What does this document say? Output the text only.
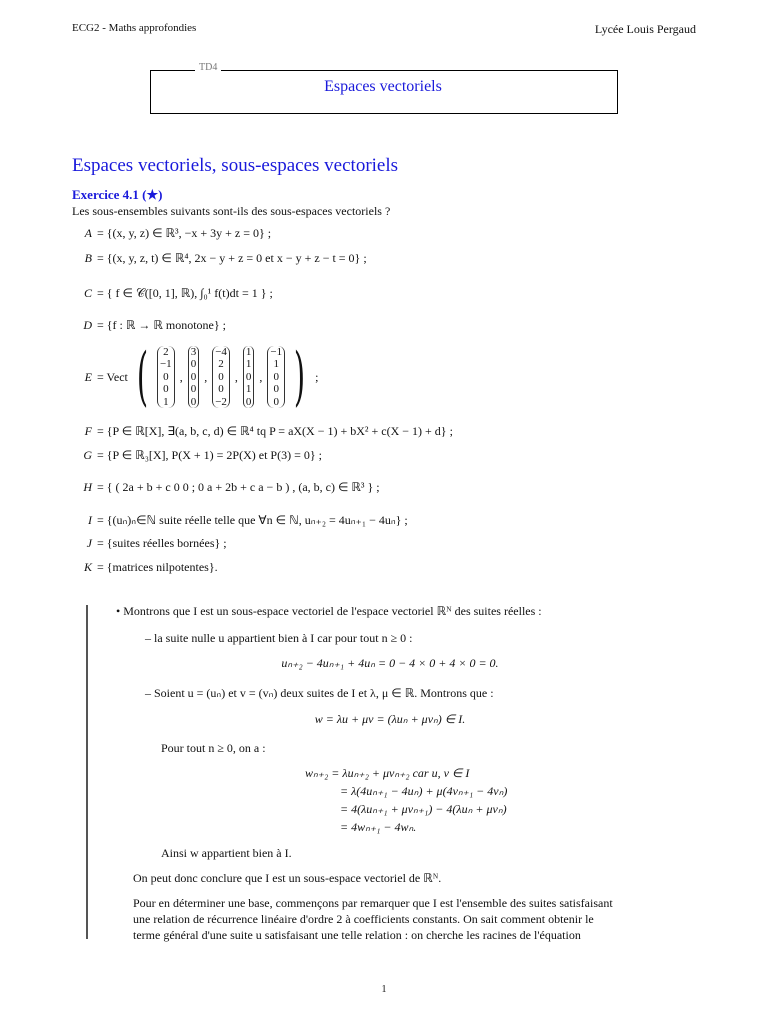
ECG2 - Maths approfondies	Lycée Louis Pergaud
TD4
Espaces vectoriels
Espaces vectoriels, sous-espaces vectoriels
Exercice 4.1 (★)
Les sous-ensembles suivants sont-ils des sous-espaces vectoriels ?
A = {(x, y, z) ∈ ℝ³, −x + 3y + z = 0} ;
B = {(x, y, z, t) ∈ ℝ⁴, 2x − y + z = 0 et x − y + z − t = 0} ;
C = { f ∈ 𝒞([0, 1], ℝ), ∫₀¹ f(t)dt = 1 } ;
D = {f : ℝ → ℝ monotone} ;
E = Vect ( 2
−1
0
0
1
,
3
0
0
0
0
,
−4
2
0
0
−2
,
1
1
0
1
0
,
−1
1
0
0
0 ) ;
F = {P ∈ ℝ[X], ∃(a, b, c, d) ∈ ℝ⁴ tq P = aX(X − 1) + bX² + c(X − 1) + d} ;
G = {P ∈ ℝ₃[X], P(X + 1) = 2P(X) et P(3) = 0} ;
H = { ( 2a + b + c 0 0 ; 0 a + 2b + c a − b ) , (a, b, c) ∈ ℝ³ } ;
I = {(uₙ)ₙ∈ℕ suite réelle telle que ∀n ∈ ℕ, uₙ₊₂ = 4uₙ₊₁ − 4uₙ} ;
J = {suites réelles bornées} ;
K = {matrices nilpotentes}.
• Montrons que I est un sous-espace vectoriel de l'espace vectoriel ℝᴺ des suites réelles :
– la suite nulle u appartient bien à I car pour tout n ≥ 0 :
uₙ₊₂ − 4uₙ₊₁ + 4uₙ = 0 − 4 × 0 + 4 × 0 = 0.
– Soient u = (uₙ) et v = (vₙ) deux suites de I et λ, μ ∈ ℝ. Montrons que :
w = λu + μv = (λuₙ + μvₙ) ∈ I.
Pour tout n ≥ 0, on a :
wₙ₊₂ = λuₙ₊₂ + μvₙ₊₂ car u, v ∈ I
= λ(4uₙ₊₁ − 4uₙ) + μ(4vₙ₊₁ − 4vₙ)
= 4(λuₙ₊₁ + μvₙ₊₁) − 4(λuₙ + μvₙ)
= 4wₙ₊₁ − 4wₙ.
Ainsi w appartient bien à I.
On peut donc conclure que I est un sous-espace vectoriel de ℝᴺ.
Pour en déterminer une base, commençons par remarquer que I est l'ensemble des suites satisfaisant
une relation de récurrence linéaire d'ordre 2 à coefficients constants. On sait comment obtenir le
terme général d'une suite u satisfaisant une telle relation : on cherche les racines de l'équation
1
